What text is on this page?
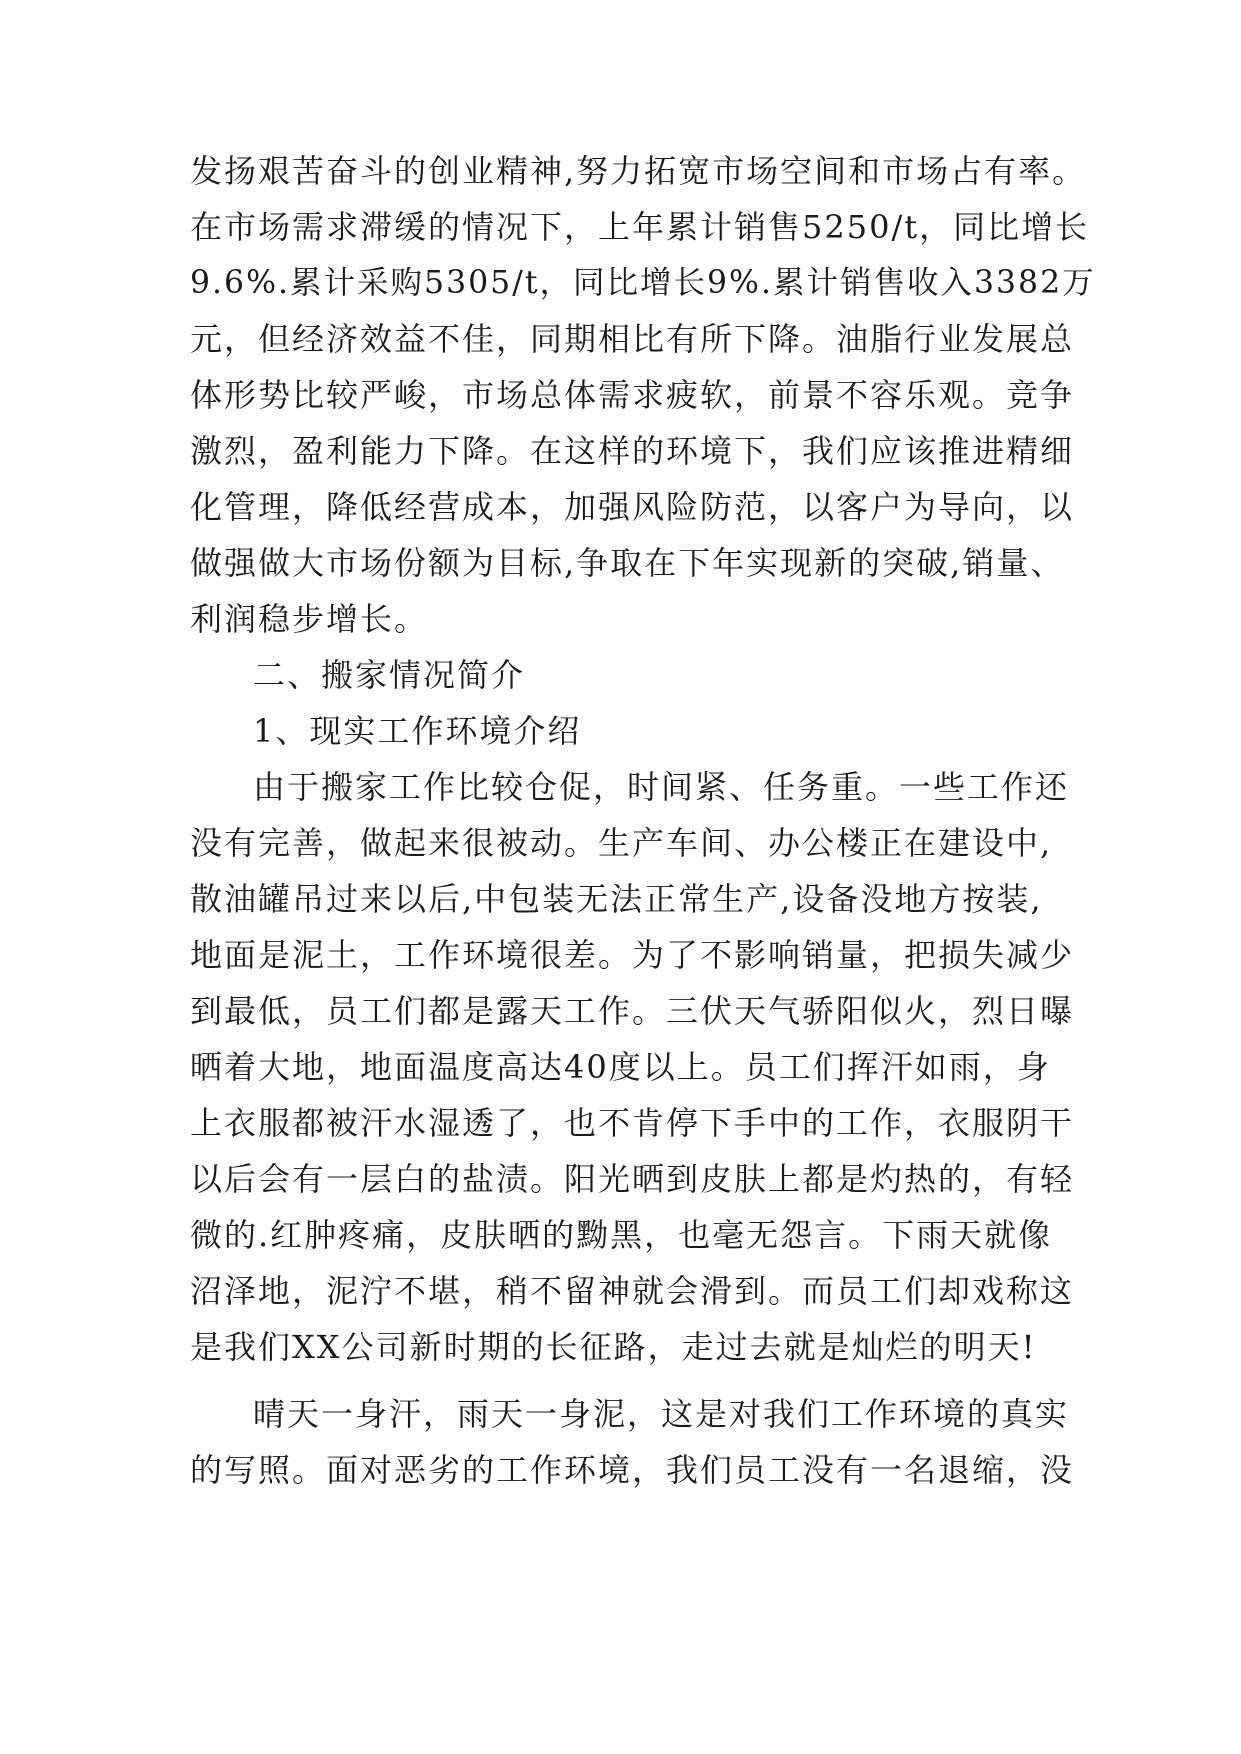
发扬艰苦奋斗的创业精神,努力拓宽市场空间和市场占有率。
在市场需求滞缓的情况下，上年累计销售5250/t，同比增长
9.6%.累计采购5305/t，同比增长9%.累计销售收入3382万
元，但经济效益不佳，同期相比有所下降。油脂行业发展总
体形势比较严峻，市场总体需求疲软，前景不容乐观。竞争
激烈，盈利能力下降。在这样的环境下，我们应该推进精细
化管理，降低经营成本，加强风险防范，以客户为导向，以
做强做大市场份额为目标,争取在下年实现新的突破,销量、
利润稳步增长。
二、搬家情况简介
1、现实工作环境介绍
由于搬家工作比较仓促，时间紧、任务重。一些工作还
没有完善，做起来很被动。生产车间、办公楼正在建设中,
散油罐吊过来以后,中包装无法正常生产,设备没地方按装,
地面是泥土，工作环境很差。为了不影响销量，把损失减少
到最低，员工们都是露天工作。三伏天气骄阳似火，烈日曝
晒着大地，地面温度高达40度以上。员工们挥汗如雨，身
上衣服都被汗水湿透了，也不肯停下手中的工作，衣服阴干
以后会有一层白的盐渍。阳光晒到皮肤上都是灼热的，有轻
微的.红肿疼痛，皮肤晒的黝黑，也毫无怨言。下雨天就像
沼泽地，泥泞不堪，稍不留神就会滑到。而员工们却戏称这
是我们XX公司新时期的长征路，走过去就是灿烂的明天!
晴天一身汗，雨天一身泥，这是对我们工作环境的真实
的写照。面对恶劣的工作环境，我们员工没有一名退缩，没
